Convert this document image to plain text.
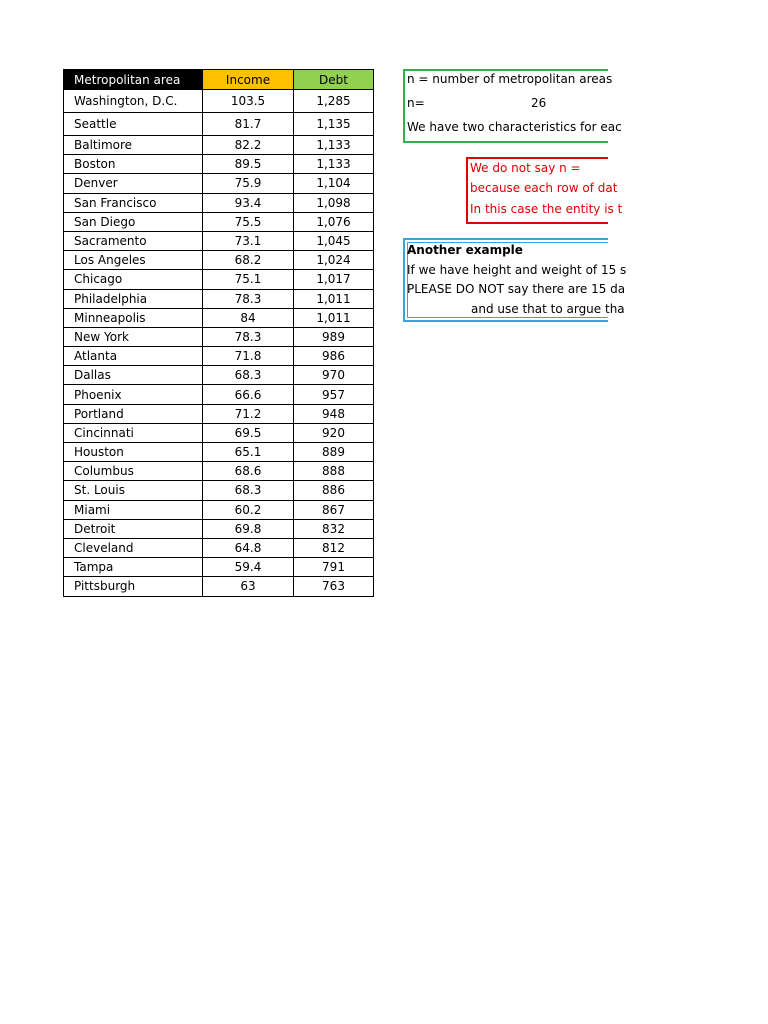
Metropolitan area	Income	Debt
Washington, D.C.	103.5	1,285
Seattle	81.7	1,135
Baltimore	82.2	1,133
Boston	89.5	1,133
Denver	75.9	1,104
San Francisco	93.4	1,098
San Diego	75.5	1,076
Sacramento	73.1	1,045
Los Angeles	68.2	1,024
Chicago	75.1	1,017
Philadelphia	78.3	1,011
Minneapolis	84	1,011
New York	78.3	989
Atlanta	71.8	986
Dallas	68.3	970
Phoenix	66.6	957
Portland	71.2	948
Cincinnati	69.5	920
Houston	65.1	889
Columbus	68.6	888
St. Louis	68.3	886
Miami	60.2	867
Detroit	69.8	832
Cleveland	64.8	812
Tampa	59.4	791
Pittsburgh	63	763
n = number of metropolitan areas
n=	26
We have two characteristics for eac
We do not say n =
because each row of dat
In this case the entity is t
Another example
If we have height and weight of 15 s
PLEASE DO NOT say there are 15 da
and use that to argue tha
